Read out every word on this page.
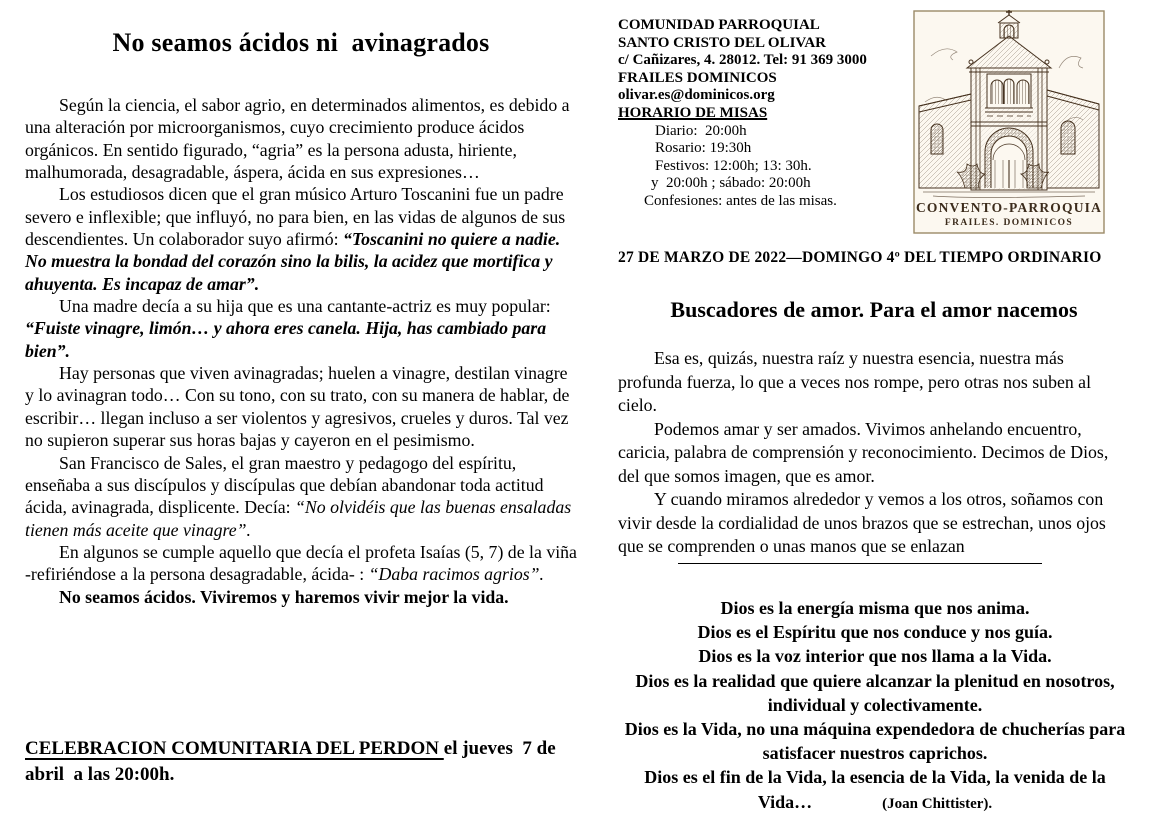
No seamos ácidos ni  avinagrados

Según la ciencia, el sabor agrio, en determinados alimentos, es debido a una alteración por microorganismos, cuyo crecimiento produce ácidos orgánicos. En sentido figurado, “agria” es la persona adusta, hiriente, malhumorada, desagradable, áspera, ácida en sus expresiones…

Los estudiosos dicen que el gran músico Arturo Toscanini fue un padre severo e inflexible; que influyó, no para bien, en las vidas de algunos de sus descendientes. Un colaborador suyo afirmó: “Toscanini no quiere a nadie. No muestra la bondad del corazón sino la bilis, la acidez que mortifica y ahuyenta. Es incapaz de amar”.

Una madre decía a su hija que es una cantante-actriz es muy popular: “Fuiste vinagre, limón… y ahora eres canela. Hija, has cambiado para bien”.

Hay personas que viven avinagradas; huelen a vinagre, destilan vinagre y lo avinagran todo… Con su tono, con su trato, con su manera de hablar, de escribir… llegan incluso a ser violentos y agresivos, crueles y duros. Tal vez no supieron superar sus horas bajas y cayeron en el pesimismo.

San Francisco de Sales, el gran maestro y pedagogo del espíritu, enseñaba a sus discípulos y discípulas que debían abandonar toda actitud ácida, avinagrada, displicente. Decía: “No olvidéis que las buenas ensaladas tienen más aceite que vinagre”.

En algunos se cumple aquello que decía el profeta Isaías (5, 7) de la viña -refiriéndose a la persona desagradable, ácida- : “Daba racimos agrios”.

No seamos ácidos. Viviremos y haremos vivir mejor la vida.

CELEBRACION COMUNITARIA DEL PERDON el jueves  7 de abril  a las 20:00h.
COMUNIDAD PARROQUIAL
SANTO CRISTO DEL OLIVAR
c/ Cañizares, 4. 28012. Tel: 91 369 3000
FRAILES DOMINICOS
olivar.es@dominicos.org
HORARIO DE MISAS
Diario:  20:00h
Rosario: 19:30h
Festivos: 12:00h; 13: 30h.
y  20:00h ; sábado: 20:00h
Confesiones: antes de las misas.	CONVENTO-PARROQUIA
FRAILES. DOMINICOS
27 DE MARZO DE 2022—DOMINGO 4º DEL TIEMPO ORDINARIO
Buscadores de amor. Para el amor nacemos

Esa es, quizás, nuestra raíz y nuestra esencia, nuestra más profunda fuerza, lo que a veces nos rompe, pero otras nos suben al cielo.

Podemos amar y ser amados. Vivimos anhelando encuentro, caricia, palabra de comprensión y reconocimiento. Decimos de Dios, del que somos imagen, que es amor.

Y cuando miramos alrededor y vemos a los otros, soñamos con vivir desde la cordialidad de unos brazos que se estrechan, unos ojos que se comprenden o unas manos que se enlazan

Dios es la energía misma que nos anima.
Dios es el Espíritu que nos conduce y nos guía.
Dios es la voz interior que nos llama a la Vida.
Dios es la realidad que quiere alcanzar la plenitud en nosotros, individual y colectivamente.
Dios es la Vida, no una máquina expendedora de chucherías para satisfacer nuestros caprichos.
Dios es el fin de la Vida, la esencia de la Vida, la venida de la Vida…	(Joan Chittister).
